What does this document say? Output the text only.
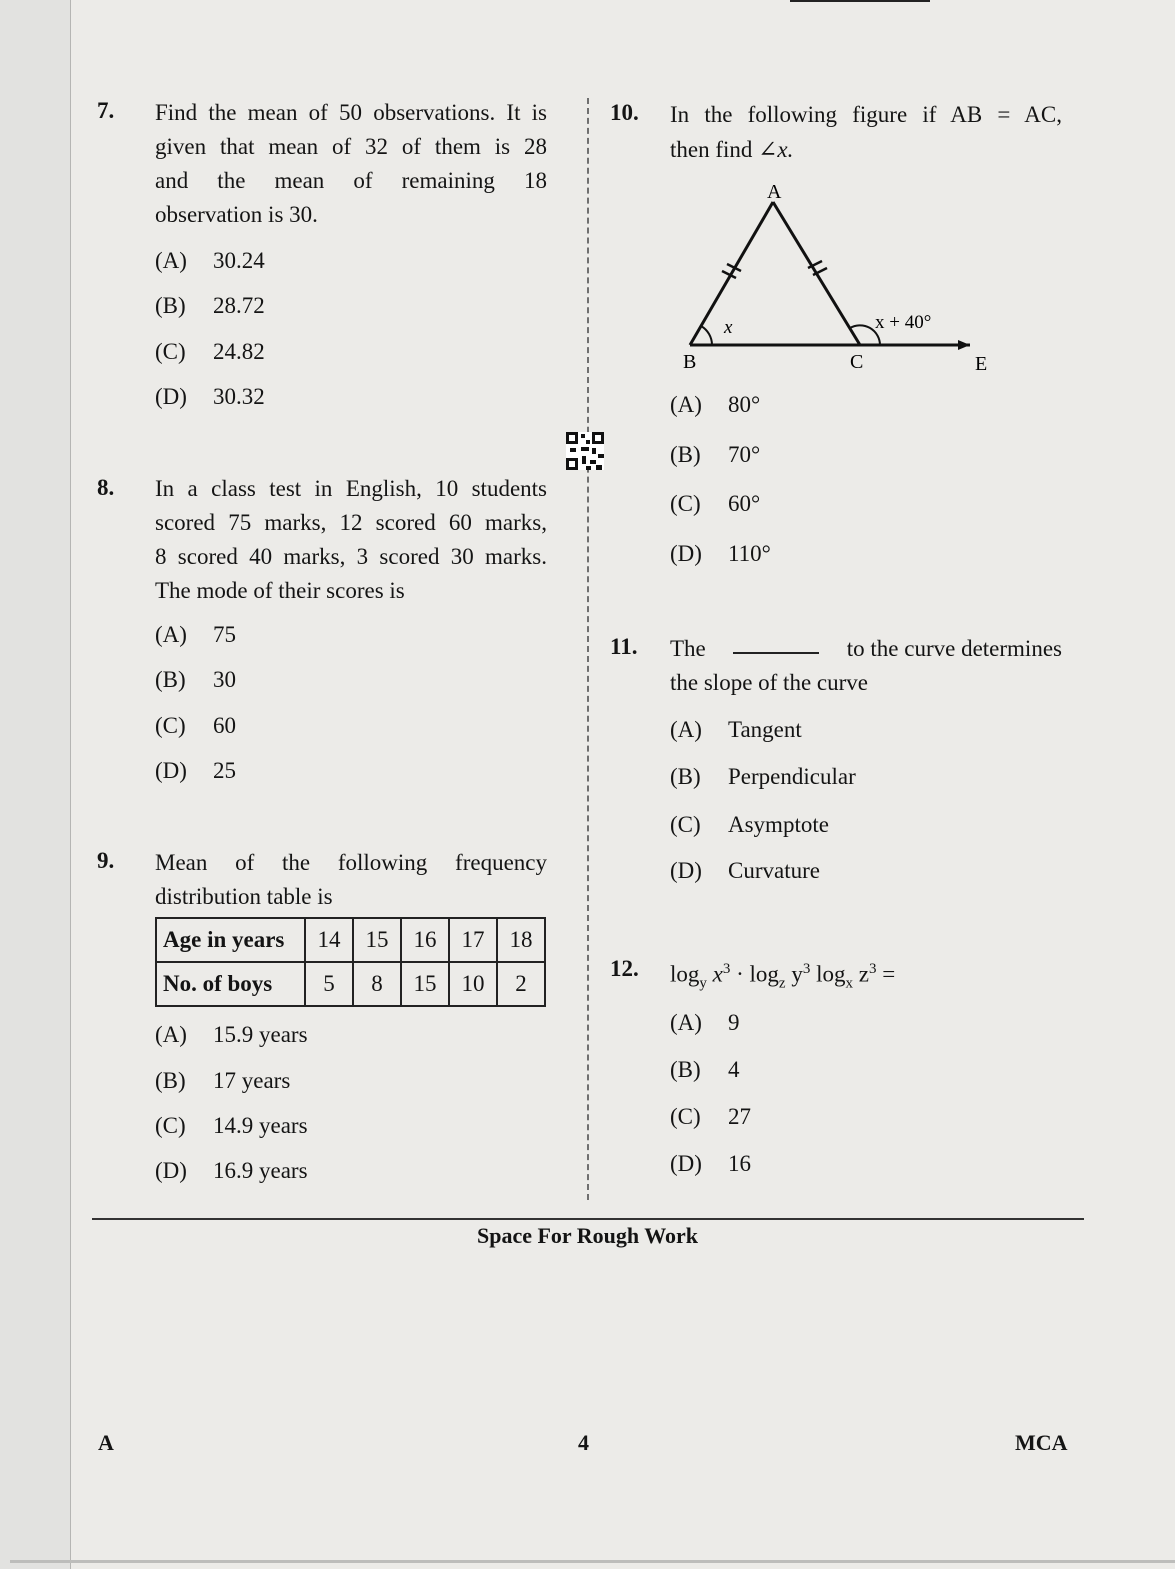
7. Find the mean of 50 observations. It is
given that mean of 32 of them is 28
and the mean of remaining 18
observation is 30.
(A) 30.24
(B) 28.72
(C) 24.82
(D) 30.32
8. In a class test in English, 10 students
scored 75 marks, 12 scored 60 marks,
8 scored 40 marks, 3 scored 30 marks.
The mode of their scores is
(A) 75
(B) 30
(C) 60
(D) 25
9. Mean of the following frequency
distribution table is
Age in years	14	15	16	17	18
No. of boys	5	8	15	10	2
(A) 15.9 years
(B) 17 years
(C) 14.9 years
(D) 16.9 years
10. In the following figure if AB = AC,
then find ∠x.
A
B	C	E
x	x + 40°
(A) 80°
(B) 70°
(C) 60°
(D) 110°
11. The	to the curve determines
the slope of the curve
(A) Tangent
(B) Perpendicular
(C) Asymptote
(D) Curvature
12. $\log_y x^3 \cdot \log_z y^3$ $\log_x z^3$ =
(A) 9
(B) 4
(C) 27
(D) 16
Space For Rough Work
A	4	MCA
